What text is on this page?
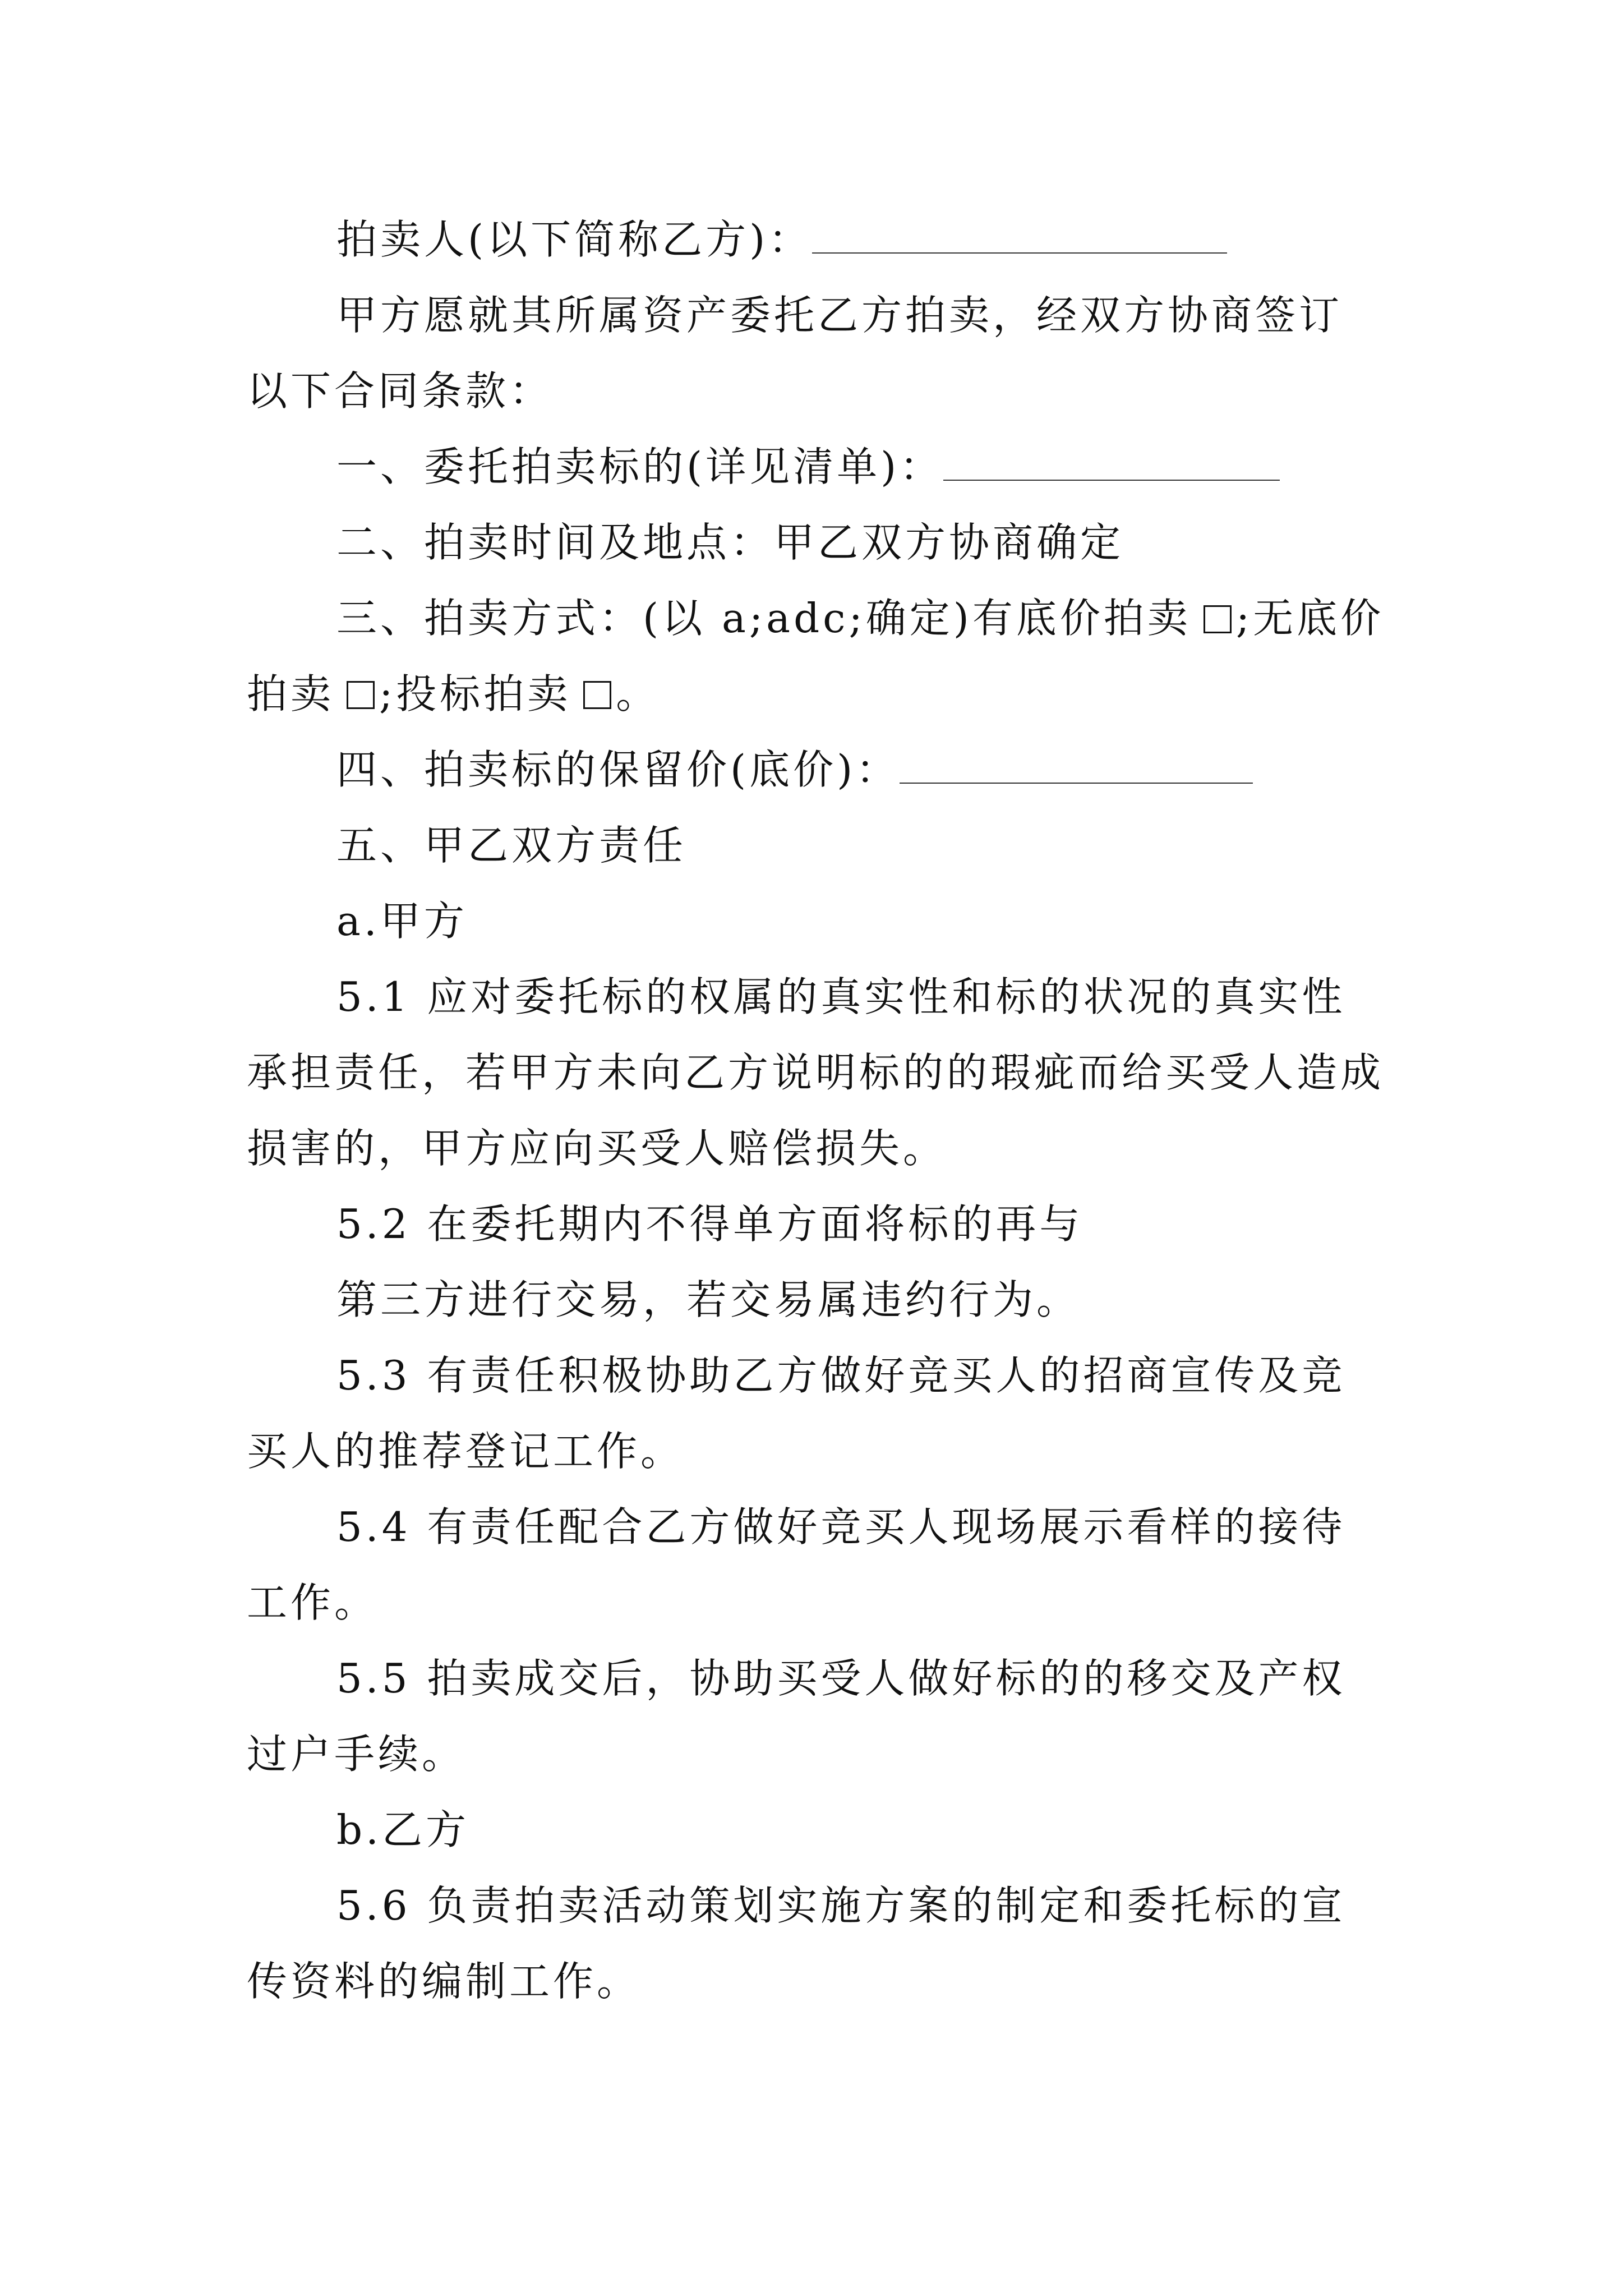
拍卖人(以下简称乙方)：

甲方愿就其所属资产委托乙方拍卖，经双方协商签订以下合同条款：

一、委托拍卖标的(详见清单)：

二、拍卖时间及地点：甲乙双方协商确定

三、拍卖方式：(以 a;adc;确定)有底价拍卖 ;无底价拍卖 ;投标拍卖 。

四、拍卖标的保留价(底价)：

五、甲乙双方责任

a.甲方

5.1 应对委托标的权属的真实性和标的状况的真实性承担责任，若甲方未向乙方说明标的的瑕疵而给买受人造成损害的，甲方应向买受人赔偿损失。

5.2 在委托期内不得单方面将标的再与

第三方进行交易，若交易属违约行为。

5.3 有责任积极协助乙方做好竞买人的招商宣传及竞买人的推荐登记工作。

5.4 有责任配合乙方做好竞买人现场展示看样的接待工作。

5.5 拍卖成交后，协助买受人做好标的的移交及产权过户手续。

b.乙方

5.6 负责拍卖活动策划实施方案的制定和委托标的宣传资料的编制工作。
